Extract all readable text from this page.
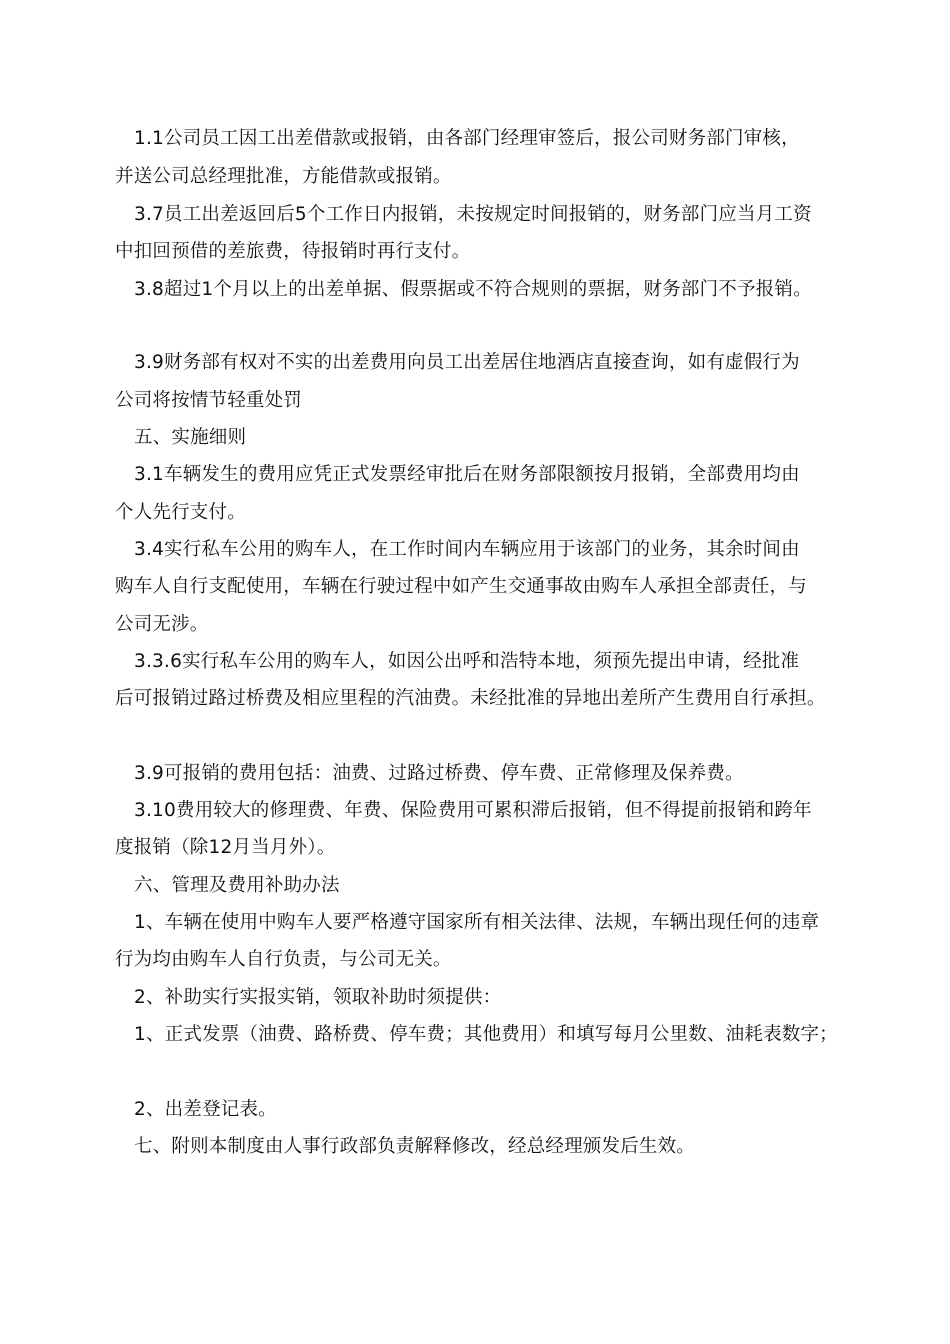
1.1公司员工因工出差借款或报销，由各部门经理审签后，报公司财务部门审核，
并送公司总经理批准，方能借款或报销。
3.7员工出差返回后5个工作日内报销，未按规定时间报销的，财务部门应当月工资
中扣回预借的差旅费，待报销时再行支付。
3.8超过1个月以上的出差单据、假票据或不符合规则的票据，财务部门不予报销。
3.9财务部有权对不实的出差费用向员工出差居住地酒店直接查询，如有虚假行为
公司将按情节轻重处罚
五、实施细则
3.1车辆发生的费用应凭正式发票经审批后在财务部限额按月报销，全部费用均由
个人先行支付。
3.4实行私车公用的购车人，在工作时间内车辆应用于该部门的业务，其余时间由
购车人自行支配使用，车辆在行驶过程中如产生交通事故由购车人承担全部责任，与
公司无涉。
3.3.6实行私车公用的购车人，如因公出呼和浩特本地，须预先提出申请，经批准
后可报销过路过桥费及相应里程的汽油费。未经批准的异地出差所产生费用自行承担。
3.9可报销的费用包括：油费、过路过桥费、停车费、正常修理及保养费。
3.10费用较大的修理费、年费、保险费用可累积滞后报销，但不得提前报销和跨年
度报销（除12月当月外）。
六、管理及费用补助办法
1、车辆在使用中购车人要严格遵守国家所有相关法律、法规，车辆出现任何的违章
行为均由购车人自行负责，与公司无关。
2、补助实行实报实销，领取补助时须提供：
1、正式发票（油费、路桥费、停车费；其他费用）和填写每月公里数、油耗表数字；
2、出差登记表。
七、附则本制度由人事行政部负责解释修改，经总经理颁发后生效。
